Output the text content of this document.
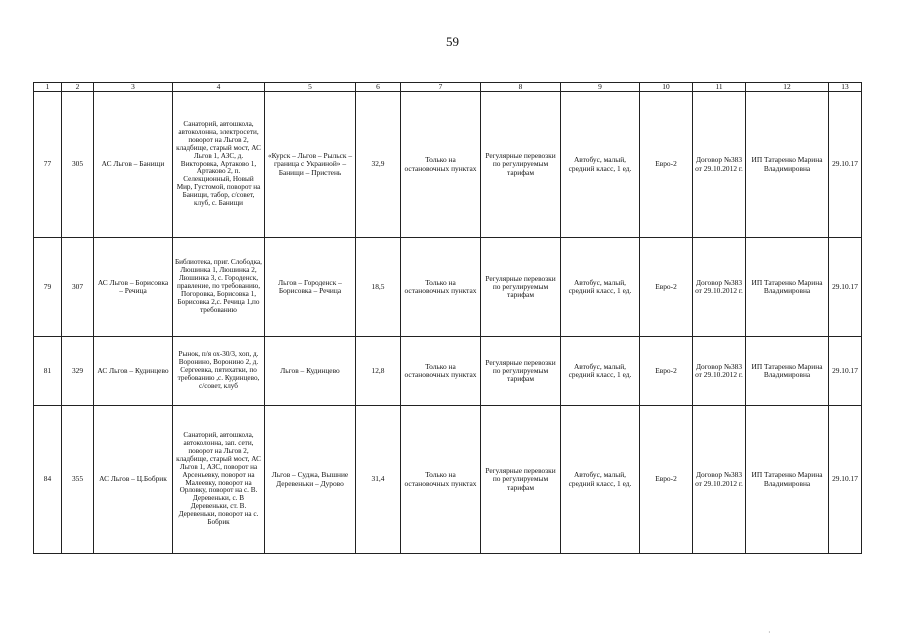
59
1	2	3	4	5	6	7	8	9	10	11	12	13
77	305	АС Льгов – Банищи	Санаторий, автошкола, автоколонна, электросети, поворот на Льгов 2, кладбище, старый мост, АС Льгов 1, АЗС, д. Викторовка, Артаково 1, Артаково 2, п. Селекционный, Новый Мир, Густомой, поворот на Банищи, табор, с/совет, клуб, с. Банищи	«Курск – Льгов – Рыльск – граница с Украиной» – Банищи – Пристень	32,9	Только на остановочных пунктах	Регулярные перевозки по регулируемым тарифам	Автобус, малый, средний класс, 1 ед.	Евро-2	Договор №383 от 29.10.2012 г.	ИП Татаренко Марина Владимировна	29.10.17
79	307	АС Льгов – Борисовка – Речица	Библиотека, приг. Слободка, Люшинка 1, Люшинка 2, Люшинка 3, с. Городенск, правление, по требованию, Погоровка, Борисовка 1, Борисовка 2,с. Речица 1,по требованию	Льгов – Городенск – Борисовка – Речица	18,5	Только на остановочных пунктах	Регулярные перевозки по регулируемым тарифам	Автобус, малый, средний класс, 1 ед.	Евро-2	Договор №383 от 29.10.2012 г.	ИП Татаренко Марина Владимировна	29.10.17
81	329	АС Льгов – Кудинцево	Рынок, п/я ох-30/3, хоп, д. Воронино, Воронино 2, д. Сергеевка, пятихатки, по требованию ,с. Кудинцево, с/совет, клуб	Льгов – Кудинцево	12,8	Только на остановочных пунктах	Регулярные перевозки по регулируемым тарифам	Автобус, малый, средний класс, 1 ед.	Евро-2	Договор №383 от 29.10.2012 г.	ИП Татаренко Марина Владимировна	29.10.17
84	355	АС Льгов – Ц.Бобрик	Санаторий, автошкола, автоколонна, зап. сети, поворот на Льгов 2, кладбище, старый мост, АС Льгов 1, АЗС, поворот на Арсеньевку, поворот на Малеевку, поворот на Орловку, поворот на с. В. Деревеньки, с. В Деревеньки, ст. В. Деревеньки, поворот на с. Бобрик	Льгов – Суджа, Вышние Деревеньки – Дурово	31,4	Только на остановочных пунктах	Регулярные перевозки по регулируемым тарифам	Автобус, малый, средний класс, 1 ед.	Евро-2	Договор №383 от 29.10.2012 г.	ИП Татаренко Марина Владимировна	29.10.17
·
